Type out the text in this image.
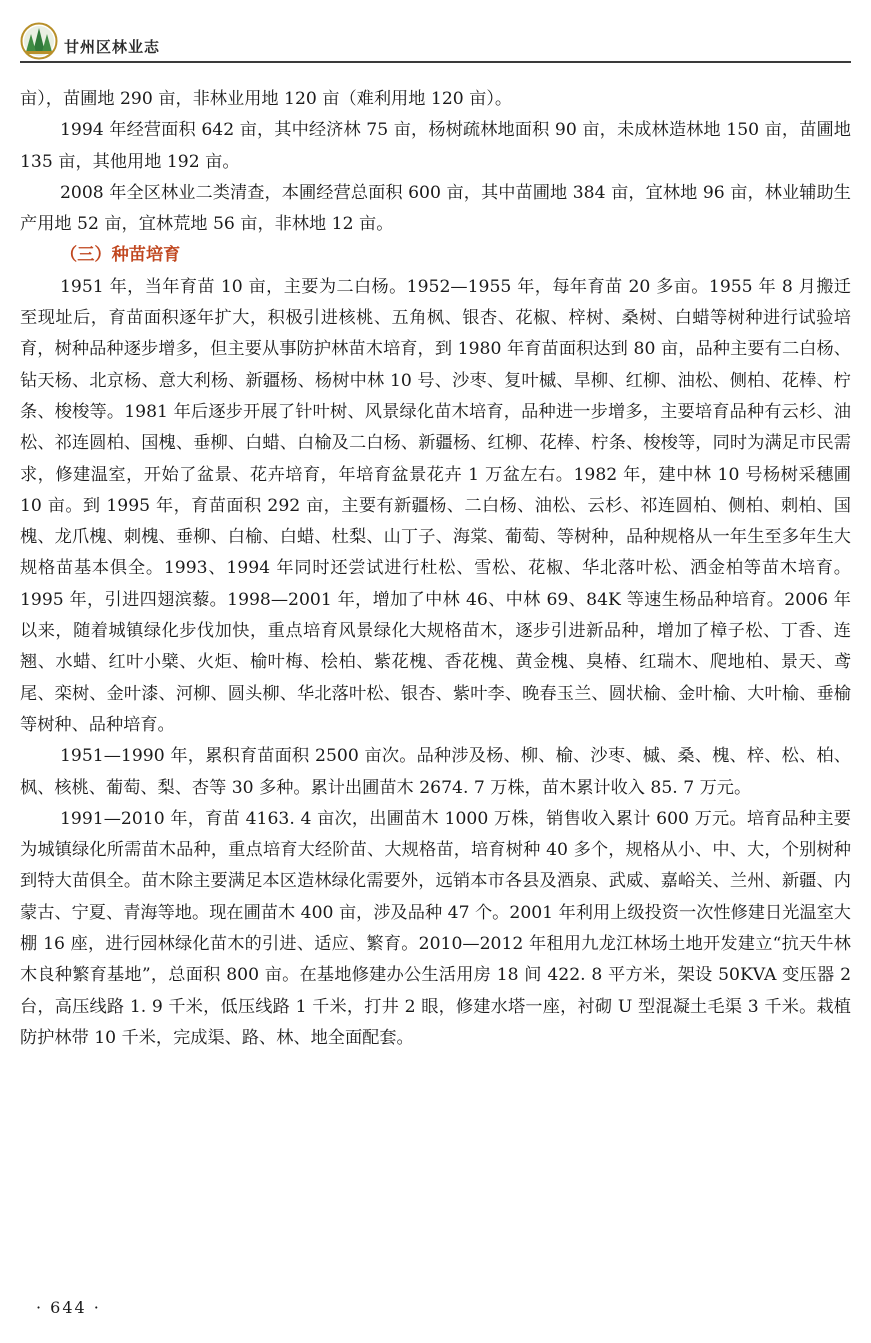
甘州区林业志

亩），苗圃地 290 亩，非林业用地 120 亩（难利用地 120 亩）。

1994 年经营面积 642 亩，其中经济林 75 亩，杨树疏林地面积 90 亩，未成林造林地 150 亩，苗圃地 135 亩，其他用地 192 亩。

2008 年全区林业二类清查，本圃经营总面积 600 亩，其中苗圃地 384 亩，宜林地 96 亩，林业辅助生产用地 52 亩，宜林荒地 56 亩，非林地 12 亩。

（三）种苗培育

1951 年，当年育苗 10 亩，主要为二白杨。1952—1955 年，每年育苗 20 多亩。1955 年 8 月搬迁至现址后，育苗面积逐年扩大，积极引进核桃、五角枫、银杏、花椒、梓树、桑树、白蜡等树种进行试验培育，树种品种逐步增多，但主要从事防护林苗木培育，到 1980 年育苗面积达到 80 亩，品种主要有二白杨、钻天杨、北京杨、意大利杨、新疆杨、杨树中林 10 号、沙枣、复叶槭、旱柳、红柳、油松、侧柏、花棒、柠条、梭梭等。1981 年后逐步开展了针叶树、风景绿化苗木培育，品种进一步增多，主要培育品种有云杉、油松、祁连圆柏、国槐、垂柳、白蜡、白榆及二白杨、新疆杨、红柳、花棒、柠条、梭梭等，同时为满足市民需求，修建温室，开始了盆景、花卉培育，年培育盆景花卉 1 万盆左右。1982 年，建中林 10 号杨树采穗圃 10 亩。到 1995 年，育苗面积 292 亩，主要有新疆杨、二白杨、油松、云杉、祁连圆柏、侧柏、刺柏、国槐、龙爪槐、刺槐、垂柳、白榆、白蜡、杜梨、山丁子、海棠、葡萄、等树种，品种规格从一年生至多年生大规格苗基本俱全。1993、1994 年同时还尝试进行杜松、雪松、花椒、华北落叶松、洒金柏等苗木培育。1995 年，引进四翅滨藜。1998—2001 年，增加了中林 46、中林 69、84K 等速生杨品种培育。2006 年以来，随着城镇绿化步伐加快，重点培育风景绿化大规格苗木，逐步引进新品种，增加了樟子松、丁香、连翘、水蜡、红叶小檗、火炬、榆叶梅、桧柏、紫花槐、香花槐、黄金槐、臭椿、红瑞木、爬地柏、景天、鸢尾、栾树、金叶漆、河柳、圆头柳、华北落叶松、银杏、紫叶李、晚春玉兰、圆状榆、金叶榆、大叶榆、垂榆等树种、品种培育。

1951—1990 年，累积育苗面积 2500 亩次。品种涉及杨、柳、榆、沙枣、槭、桑、槐、梓、松、柏、枫、核桃、葡萄、梨、杏等 30 多种。累计出圃苗木 2674. 7 万株，苗木累计收入 85. 7 万元。

1991—2010 年，育苗 4163. 4 亩次，出圃苗木 1000 万株，销售收入累计 600 万元。培育品种主要为城镇绿化所需苗木品种，重点培育大经阶苗、大规格苗，培育树种 40 多个，规格从小、中、大，个别树种到特大苗俱全。苗木除主要满足本区造林绿化需要外，远销本市各县及酒泉、武威、嘉峪关、兰州、新疆、内蒙古、宁夏、青海等地。现在圃苗木 400 亩，涉及品种 47 个。2001 年利用上级投资一次性修建日光温室大棚 16 座，进行园林绿化苗木的引进、适应、繁育。2010—2012 年租用九龙江林场土地开发建立“抗天牛林木良种繁育基地”，总面积 800 亩。在基地修建办公生活用房 18 间 422. 8 平方米，架设 50KVA 变压器 2 台，高压线路 1. 9 千米，低压线路 1 千米，打井 2 眼，修建水塔一座，衬砌 U 型混凝土毛渠 3 千米。栽植防护林带 10 千米，完成渠、路、林、地全面配套。

· 644 ·
